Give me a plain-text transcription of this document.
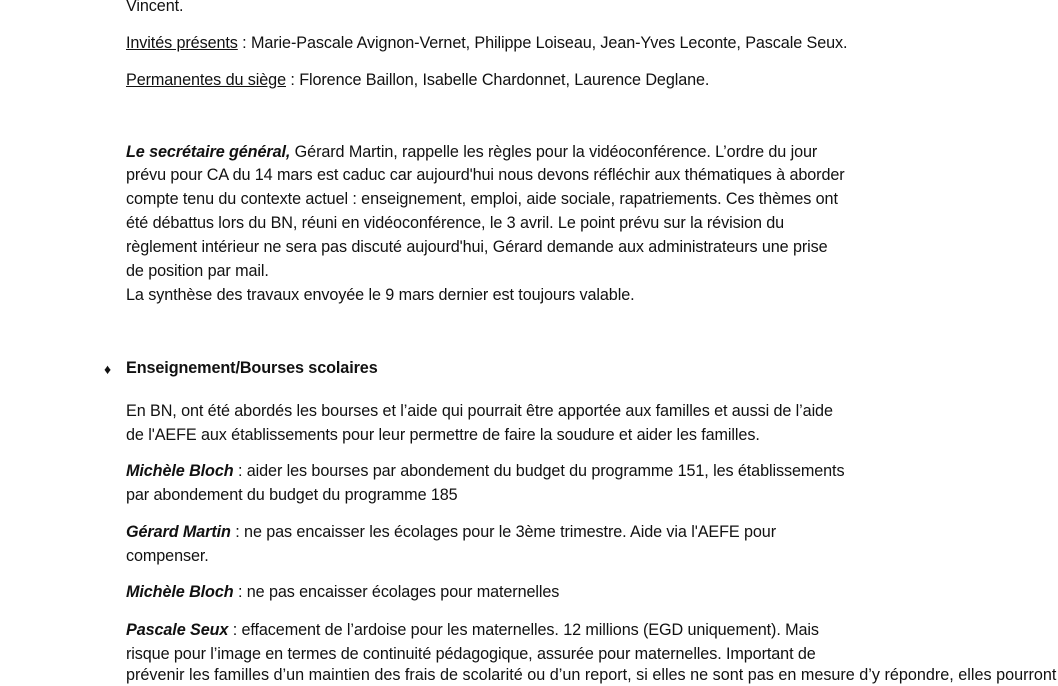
Vincent.
Invités présents : Marie-Pascale Avignon-Vernet, Philippe Loiseau, Jean-Yves Leconte, Pascale Seux.
Permanentes du siège : Florence Baillon, Isabelle Chardonnet, Laurence Deglane.
Le secrétaire général, Gérard Martin, rappelle les règles pour la vidéoconférence. L’ordre du jour
prévu pour CA du 14 mars est caduc car aujourd'hui nous devons réfléchir aux thématiques à aborder
compte tenu du contexte actuel : enseignement, emploi, aide sociale, rapatriements. Ces thèmes ont
été débattus lors du BN, réuni en vidéoconférence, le 3 avril. Le point prévu sur la révision du
règlement intérieur ne sera pas discuté aujourd'hui, Gérard demande aux administrateurs une prise
de position par mail.
La synthèse des travaux envoyée le 9 mars dernier est toujours valable.
♦ Enseignement/Bourses scolaires
En BN, ont été abordés les bourses et l’aide qui pourrait être apportée aux familles et aussi de l’aide
de l'AEFE aux établissements pour leur permettre de faire la soudure et aider les familles.
Michèle Bloch : aider les bourses par abondement du budget du programme 151, les établissements
par abondement du budget du programme 185
Gérard Martin : ne pas encaisser les écolages pour le 3ème trimestre. Aide via l'AEFE pour
compenser.
Michèle Bloch : ne pas encaisser écolages pour maternelles
Pascale Seux : effacement de l’ardoise pour les maternelles. 12 millions (EGD uniquement). Mais
risque pour l’image en termes de continuité pédagogique, assurée pour maternelles. Important de
prévenir les familles d’un maintien des frais de scolarité ou d’un report, si elles ne sont pas en mesure d’y répondre, elles pourront
